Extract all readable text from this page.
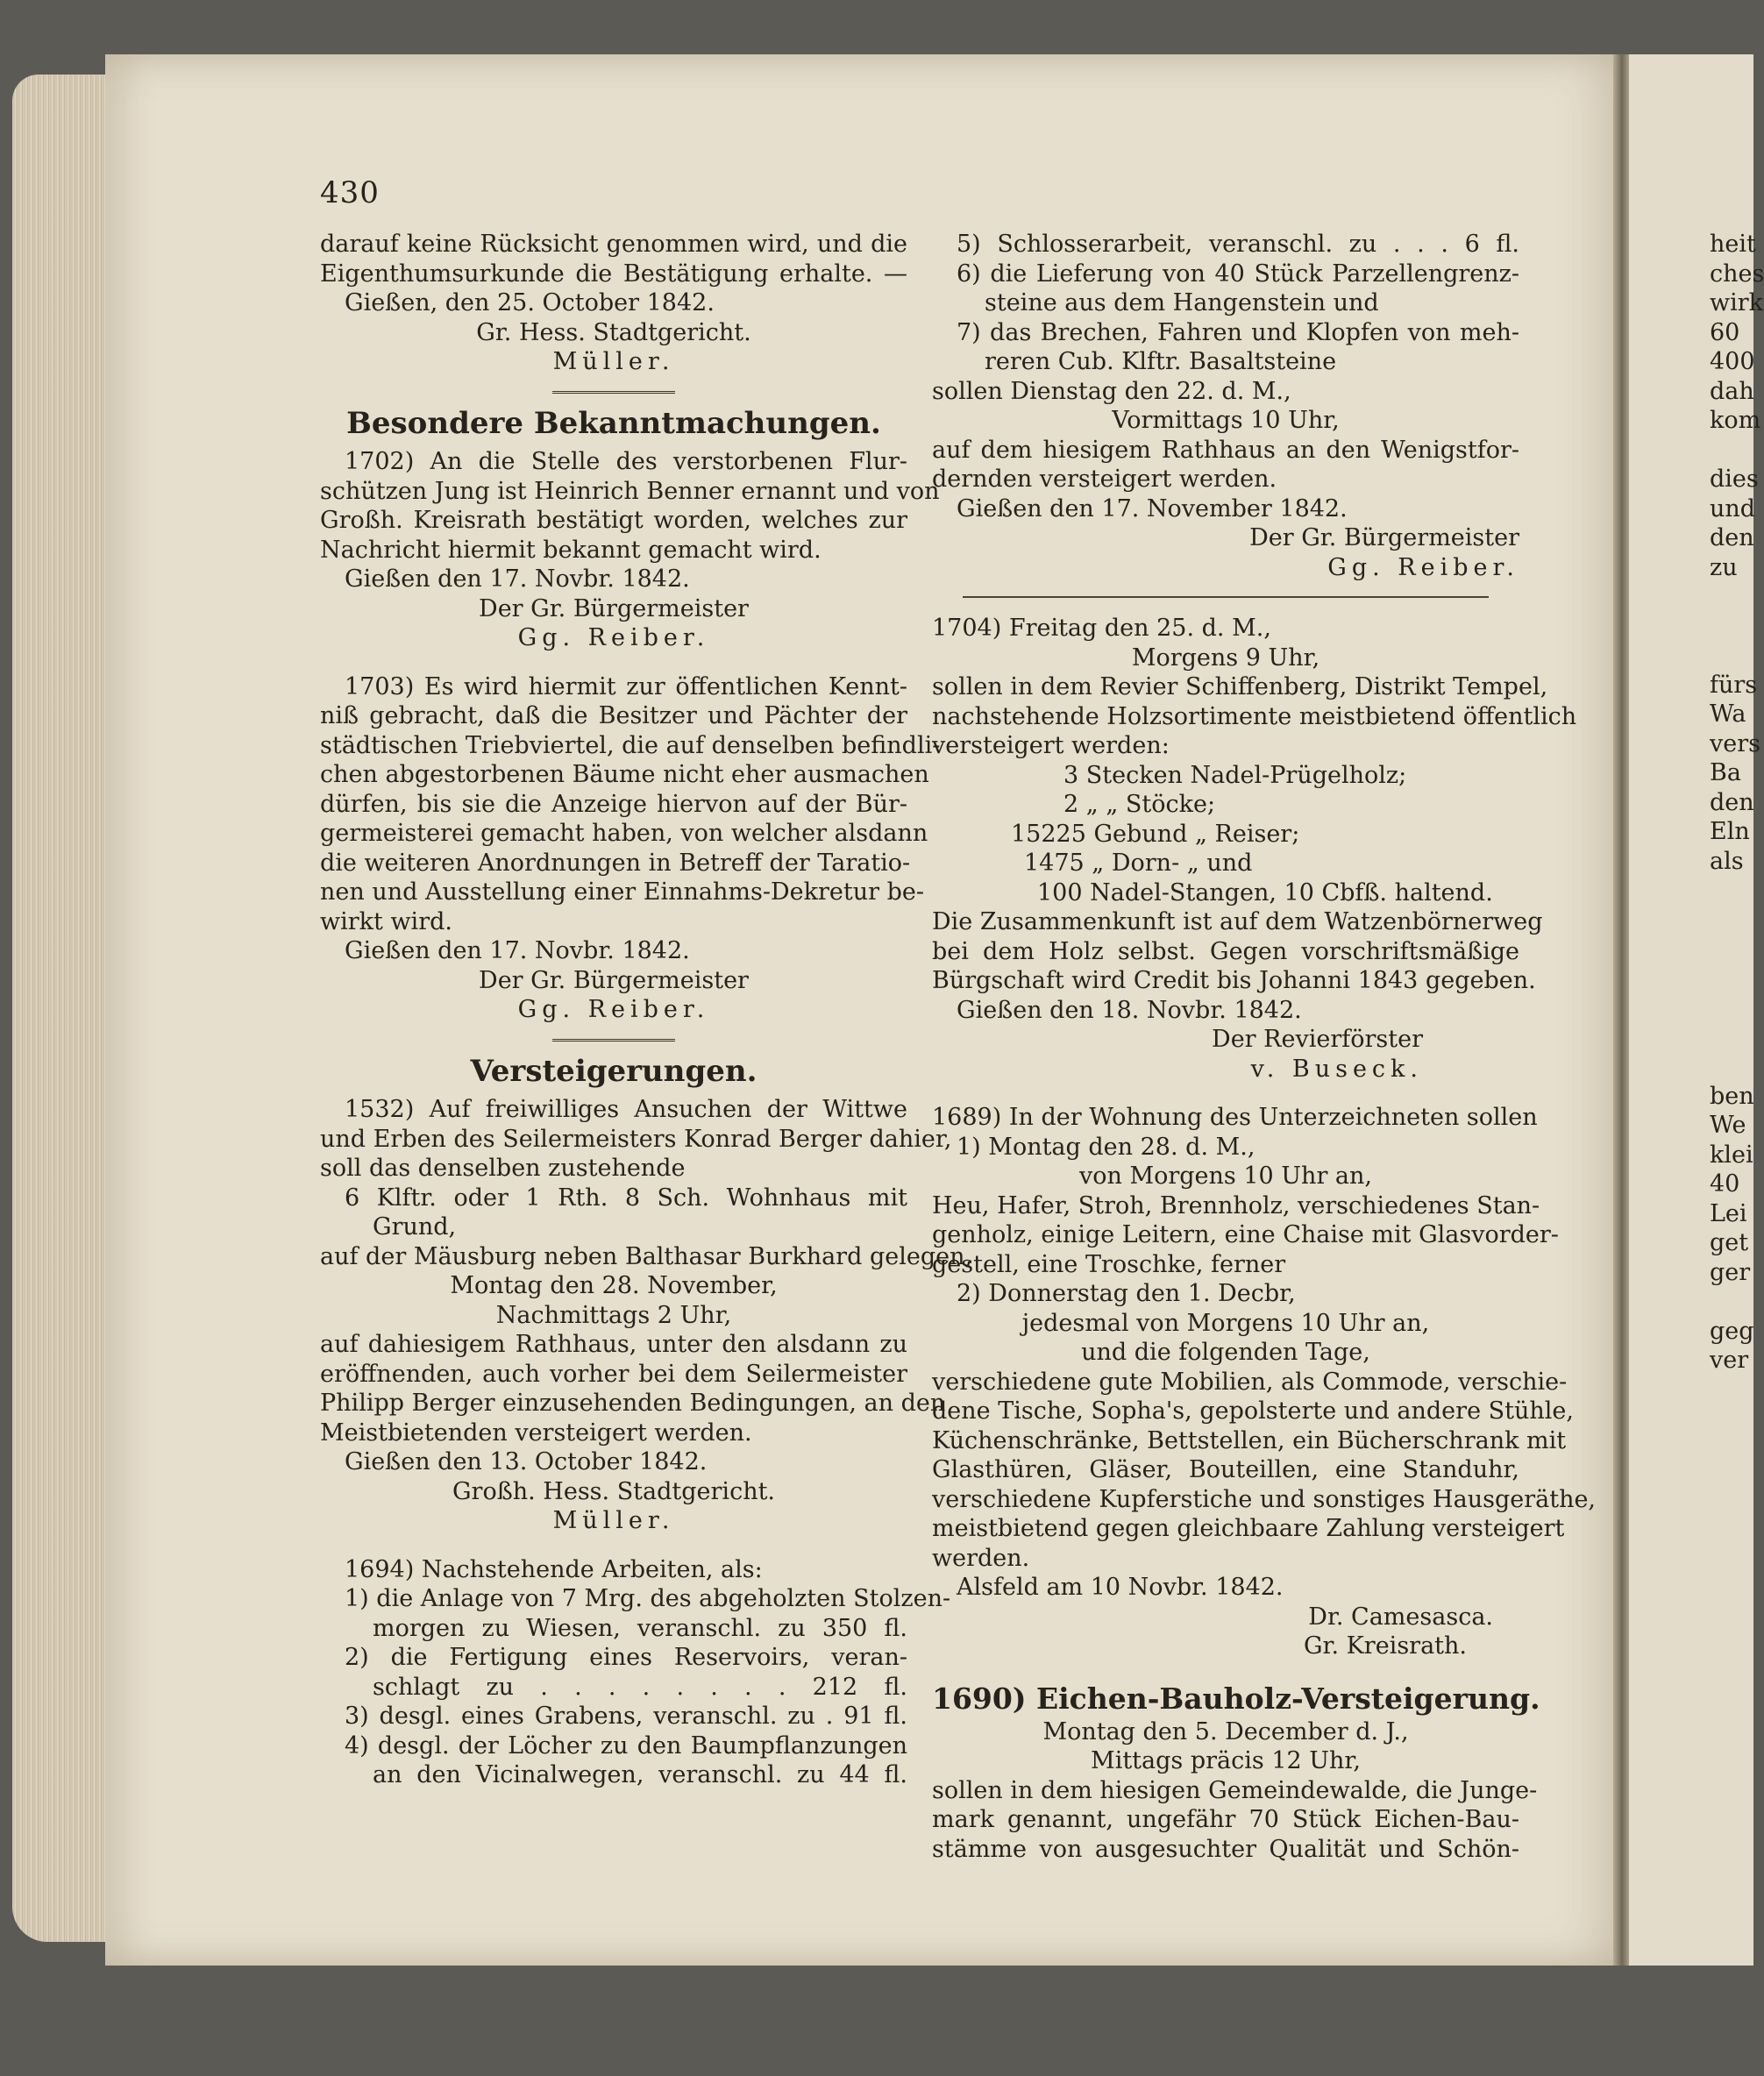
430
darauf keine Rücksicht genommen wird, und die
Eigenthumsurkunde die Bestätigung erhalte. —
Gießen, den 25. October 1842.
Gr. Hess. Stadtgericht.
Müller.
Besondere Bekanntmachungen.
1702) An die Stelle des verstorbenen Flur-
schützen Jung ist Heinrich Benner ernannt und von
Großh. Kreisrath bestätigt worden, welches zur
Nachricht hiermit bekannt gemacht wird.
Gießen den 17. Novbr. 1842.
Der Gr. Bürgermeister
Gg. Reiber.
1703) Es wird hiermit zur öffentlichen Kennt-
niß gebracht, daß die Besitzer und Pächter der
städtischen Triebviertel, die auf denselben befindli-
chen abgestorbenen Bäume nicht eher ausmachen
dürfen, bis sie die Anzeige hiervon auf der Bür-
germeisterei gemacht haben, von welcher alsdann
die weiteren Anordnungen in Betreff der Taratio-
nen und Ausstellung einer Einnahms-Dekretur be-
wirkt wird.
Gießen den 17. Novbr. 1842.
Der Gr. Bürgermeister
Gg. Reiber.
Versteigerungen.
1532) Auf freiwilliges Ansuchen der Wittwe
und Erben des Seilermeisters Konrad Berger dahier,
soll das denselben zustehende
6 Klftr. oder 1 Rth. 8 Sch. Wohnhaus mit
Grund,
auf der Mäusburg neben Balthasar Burkhard gelegen,
Montag den 28. November,
Nachmittags 2 Uhr,
auf dahiesigem Rathhaus, unter den alsdann zu
eröffnenden, auch vorher bei dem Seilermeister
Philipp Berger einzusehenden Bedingungen, an den
Meistbietenden versteigert werden.
Gießen den 13. October 1842.
Großh. Hess. Stadtgericht.
Müller.
1694) Nachstehende Arbeiten, als:
1) die Anlage von 7 Mrg. des abgeholzten Stolzen-
morgen zu Wiesen, veranschl. zu 350 fl.
2) die Fertigung eines Reservoirs, veran-
schlagt zu . . . . . . . . 212 fl.
3) desgl. eines Grabens, veranschl. zu . 91 fl.
4) desgl. der Löcher zu den Baumpflanzungen
an den Vicinalwegen, veranschl. zu 44 fl.
5) Schlosserarbeit, veranschl. zu . . . 6 fl.
6) die Lieferung von 40 Stück Parzellengrenz-
steine aus dem Hangenstein und
7) das Brechen, Fahren und Klopfen von meh-
reren Cub. Klftr. Basaltsteine
sollen Dienstag den 22. d. M.,
Vormittags 10 Uhr,
auf dem hiesigem Rathhaus an den Wenigstfor-
dernden versteigert werden.
Gießen den 17. November 1842.
Der Gr. Bürgermeister
Gg. Reiber.
1704) Freitag den 25. d. M.,
Morgens 9 Uhr,
sollen in dem Revier Schiffenberg, Distrikt Tempel,
nachstehende Holzsortimente meistbietend öffentlich
versteigert werden:
3 Stecken Nadel-Prügelholz;
2 „ „ Stöcke;
15225 Gebund „ Reiser;
1475 „ Dorn- „ und
100 Nadel-Stangen, 10 Cbfß. haltend.
Die Zusammenkunft ist auf dem Watzenbörnerweg
bei dem Holz selbst. Gegen vorschriftsmäßige
Bürgschaft wird Credit bis Johanni 1843 gegeben.
Gießen den 18. Novbr. 1842.
Der Revierförster
v. Buseck.
1689) In der Wohnung des Unterzeichneten sollen
1) Montag den 28. d. M.,
von Morgens 10 Uhr an,
Heu, Hafer, Stroh, Brennholz, verschiedenes Stan-
genholz, einige Leitern, eine Chaise mit Glasvorder-
gestell, eine Troschke, ferner
2) Donnerstag den 1. Decbr,
jedesmal von Morgens 10 Uhr an,
und die folgenden Tage,
verschiedene gute Mobilien, als Commode, verschie-
dene Tische, Sopha's, gepolsterte und andere Stühle,
Küchenschränke, Bettstellen, ein Bücherschrank mit
Glasthüren, Gläser, Bouteillen, eine Standuhr,
verschiedene Kupferstiche und sonstiges Hausgeräthe,
meistbietend gegen gleichbaare Zahlung versteigert
werden.
Alsfeld am 10 Novbr. 1842.
Dr. Camesasca.
Gr. Kreisrath.
1690) Eichen-Bauholz-Versteigerung.
Montag den 5. December d. J.,
Mittags präcis 12 Uhr,
sollen in dem hiesigen Gemeindewalde, die Junge-
mark genannt, ungefähr 70 Stück Eichen-Bau-
stämme von ausgesuchter Qualität und Schön-
heit
ches
wirk
60
400
dah
kom
dies
und
den
zu
fürs
Wa
vers
Ba
den
Eln
als
ben
We
klei
40
Lei
get
ger
geg
ver
